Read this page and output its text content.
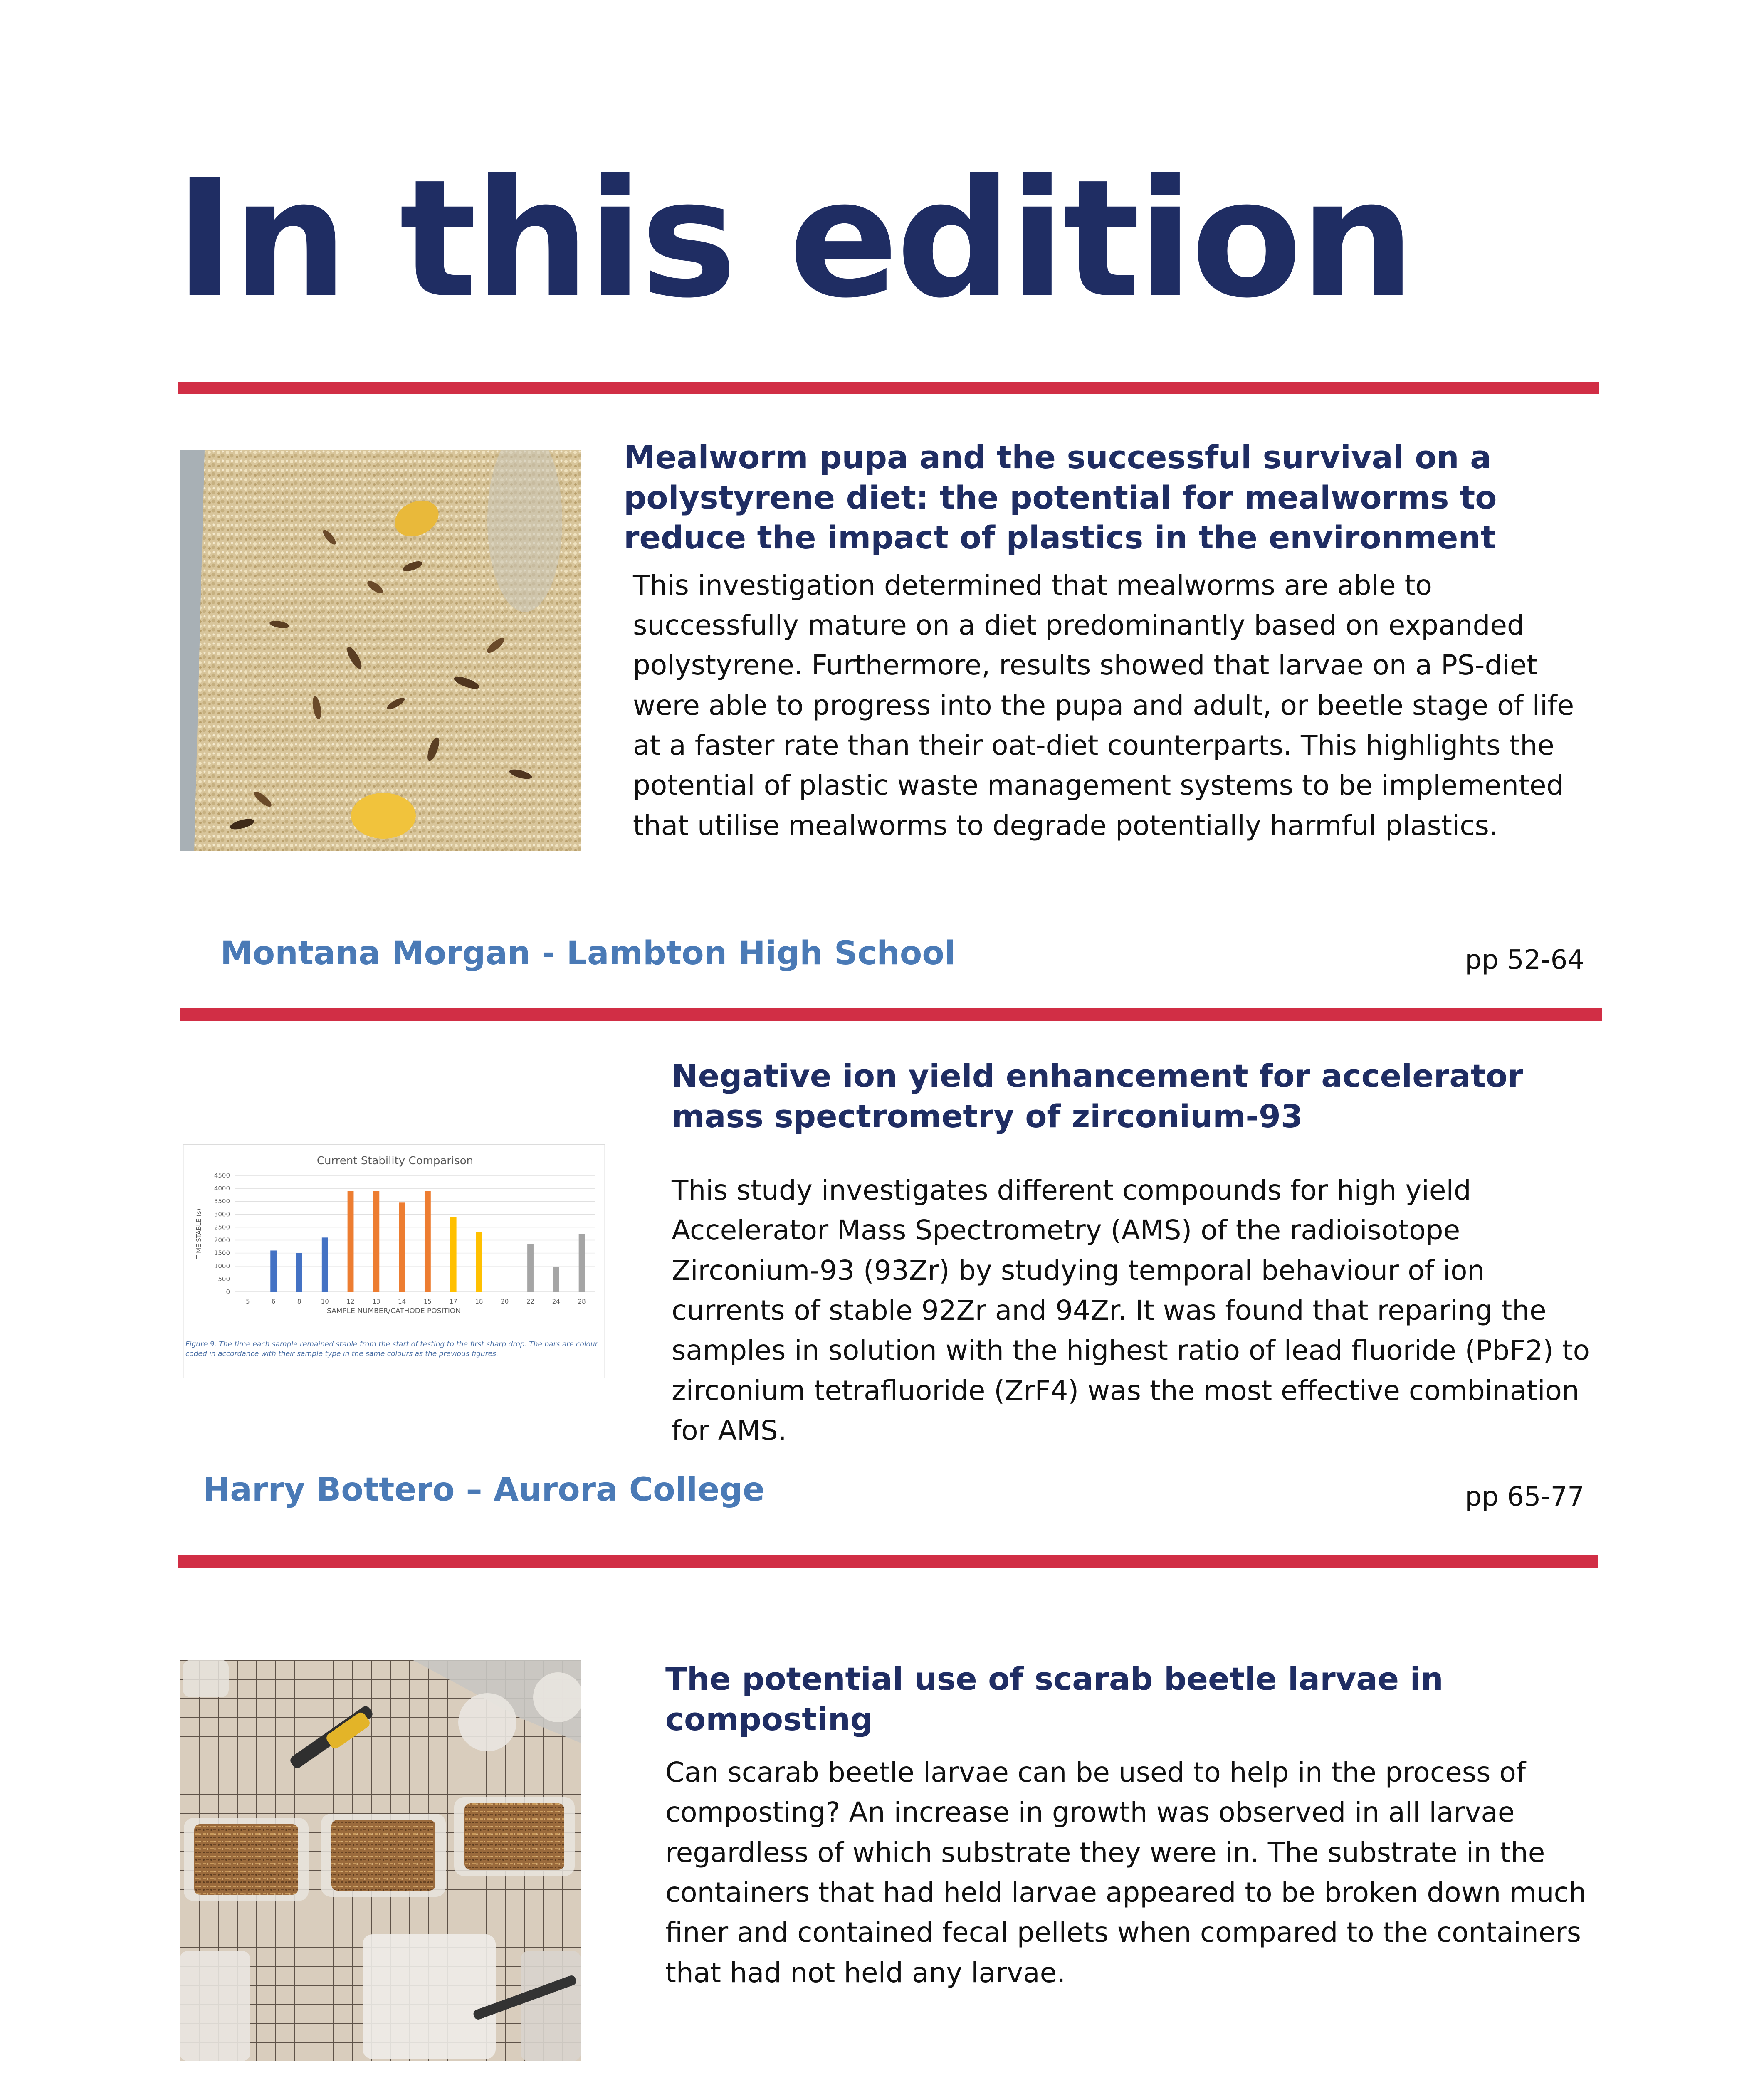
In this edition
Mealworm pupa and the successful survival on a polystyrene diet: the potential for mealworms to reduce the impact of plastics in the environment

This investigation determined that mealworms are able to successfully mature on a diet predominantly based on expanded polystyrene. Furthermore, results showed that larvae on a PS-diet were able to progress into the pupa and adult, or beetle stage of life at a faster rate than their oat-diet counterparts. This highlights the potential of plastic waste management systems to be implemented that utilise mealworms to degrade potentially harmful plastics.

Montana Morgan - Lambton High School	pp 52-64
Current Stability Comparison
0
500
1000
1500
2000
2500
3000
3500
4000
4500
5	6	8	10	12	13	14	15	17	18	20	22	24	28
SAMPLE NUMBER/CATHODE POSITION
TIME STABLE (s)
Figure 9. The time each sample remained stable from the start of testing to the first sharp drop. The bars are colour coded in accordance with their sample type in the same colours as the previous figures.
Negative ion yield enhancement for accelerator mass spectrometry of zirconium-93

This study investigates different compounds for high yield Accelerator Mass Spectrometry (AMS) of the radioisotope Zirconium-93 (93Zr) by studying temporal behaviour of ion currents of stable 92Zr and 94Zr. It was found that reparing the samples in solution with the highest ratio of lead fluoride (PbF2) to zirconium tetrafluoride (ZrF4) was the most effective combination for AMS.

Harry Bottero – Aurora College	pp 65-77
The potential use of scarab beetle larvae in composting

Can scarab beetle larvae can be used to help in the process of composting? An increase in growth was observed in all larvae regardless of which substrate they were in. The substrate in the containers that had held larvae appeared to be broken down much finer and contained fecal pellets when compared to the containers that had not held any larvae.
